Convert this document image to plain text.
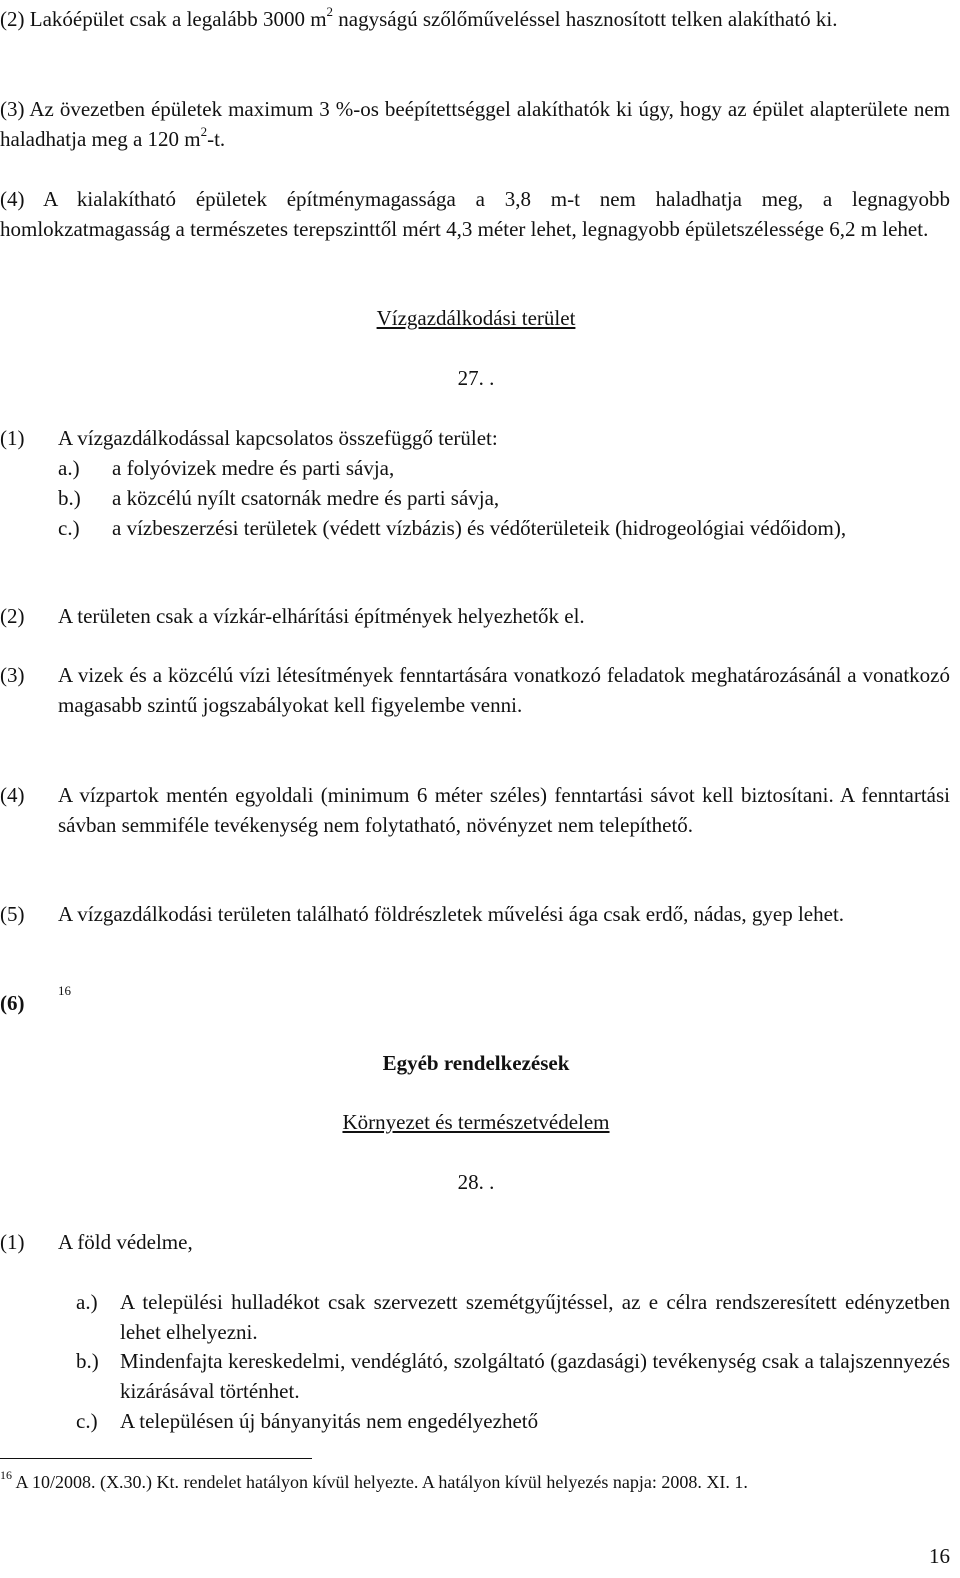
(2) Lakóépület csak a legalább 3000 $m^2$ nagyságú szőlőműveléssel hasznosított telken alakítható ki.
(3) Az övezetben épületek maximum 3 %-os beépítettséggel alakíthatók ki úgy, hogy az épület alapterülete nem haladhatja meg a 120 $m^2-t$.
(4) A kialakítható épületek építménymagassága a 3,8 m-t nem haladhatja meg, a legnagyobb homlokzatmagasság a természetes terepszinttől mért 4,3 méter lehet, legnagyobb épületszélessége 6,2 m lehet.
Vízgazdálkodási terület
27. .
(1) A vízgazdálkodással kapcsolatos összefüggő terület:
a.) a folyóvizek medre és parti sávja,
b.) a közcélú nyílt csatornák medre és parti sávja,
c.) a vízbeszerzési területek (védett vízbázis) és védőterületeik (hidrogeológiai védőidom),
(2) A területen csak a vízkár-elhárítási építmények helyezhetők el.
(3) A vizek és a közcélú vízi létesítmények fenntartására vonatkozó feladatok meghatározásánál a vonatkozó magasabb szintű jogszabályokat kell figyelembe venni.
(4) A vízpartok mentén egyoldali (minimum 6 méter széles) fenntartási sávot kell biztosítani. A fenntartási sávban semmiféle tevékenység nem folytatható, növényzet nem telepíthető.
(5) A vízgazdálkodási területen található földrészletek művelési ága csak erdő, nádas, gyep lehet.
(6)
16
Egyéb rendelkezések
Környezet és természetvédelem
28. .
(1) A föld védelme,
a.) A települési hulladékot csak szervezett szemétgyűjtéssel, az e célra rendszeresített edényzetben lehet elhelyezni.
b.) Mindenfajta kereskedelmi, vendéglátó, szolgáltató (gazdasági) tevékenység csak a talajszennyezés kizárásával történhet.
c.) A településen új bányanyitás nem engedélyezhető
$^{16}$ A 10/2008. (X.30.) Kt. rendelet hatályon kívül helyezte. A hatályon kívül helyezés napja: 2008. XI. 1.
16
